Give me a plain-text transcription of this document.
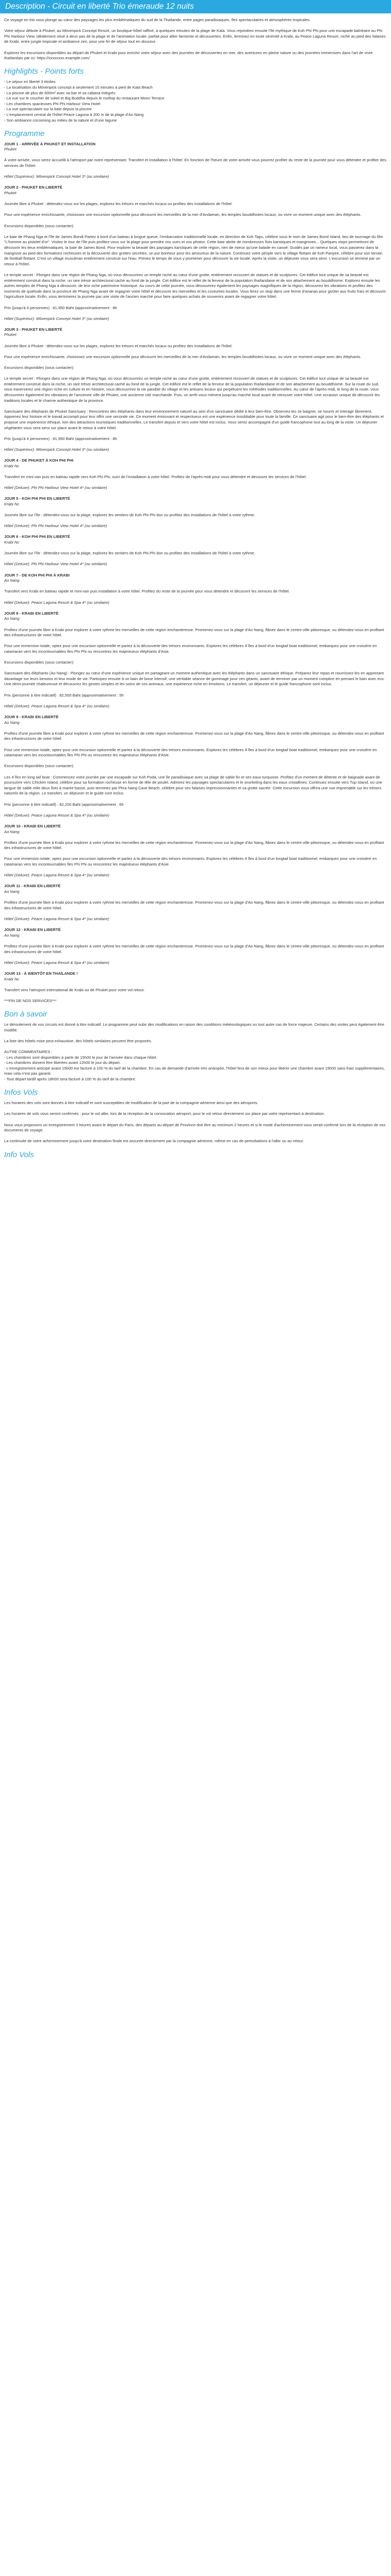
Description - Circuit en liberté Trio émeraude 12 nuits

Ce voyage en trio vous plonge au cœur des paysages les plus emblématiques du sud de la Thaïlande, entre pages paradisiaques, îles spectaculaires et atmosphères tropicales.

Votre séjour débute à Phuket, au Mövenpick Concept Resort, un boutique-hôtel raffiné, à quelques minutes de la plage de Kata. Vous rejoindrez ensuite l'île mythique de Koh Phi Phi pour une escapade balnéaire au Phi Phi Harbour View, idéalement situé à deux pas de la plage et de l'animation locale, parfait pour allier farniente et découvertes. Enfin, terminez en toute sérénité à Krabi, au Peace Laguna Resort, niché au pied des falaises de Krabi, entre jungle tropicale et ambiance zen, pour une fin de séjour tout en douceur.

Explorez les excursions disponibles au départ de Phuket et Krabi pour enrichir votre séjour avec des journées de découvertes en mer, des aventures en pleine nature ou des journées immersives dans l'art de vivre thaïlandais par ici: https://xxxxxxxx.example.com/

Highlights - Points forts
- Le séjour en liberté 3 étoiles
- La localisation du Mövenpick concept à seulement 10 minutes à pied de Kata Beach
- La piscine de plus de 600m² avec sa bar et sa cabana intégrés
- La vue sur le coucher de soleil et Big Buddha depuis le rooftop du restaurant Moon Terrace
- Les chambres spacieuses Phi Phi Harbour View Hotel
- La vue spectaculaire sur la baie depuis la piscine
- L'emplacement central de l'hôtel Peace Laguna à 200 m de la plage d'Ao Nang
- Son ambiance cocooning au milieu de la nature et d'une lagune
Programme
JOUR 1 - ARRIVÉE À PHUKET ET INSTALLATION
Phuket

À votre arrivée, vous serez accueilli à l'aéroport par notre représentant. Transfert et installation à l'hôtel. En fonction de l'heure de votre arrivée vous pourrez profiter du reste de la journée pour vous détendre et profiter des services de l'hôtel.

Hôtel (Supérieur): Mövenpick Concept Hotel 3* (ou similaire)
JOUR 2 - PHUKET EN LIBERTÉ
Phuket

Journée libre à Phuket : détendez-vous sur les plages, explorez les trésors et marchés locaux ou profitez des installations de l'hôtel.

Pour une expérience enrichissante, choisissez une excursion optionnelle pour découvrir les merveilles de la mer d'Andaman, les temples bouddhistes locaux, ou vivre un moment unique avec des éléphants.

Excursions disponibles (sous contacter):

Le baie de Phang Nga et l'île de James Bondi Partez à bord d'un bateau à longue queue, l'embarcation traditionnelle locale, en direction de Koh Tapu, célèbre sous le nom de James Bond Island, lieu de tournage du film "L'homme au pistolet d'or". Visitez le tour de l'île puis profitez-vous sur la plage pour prendre vos vues et vos photos. Cette baie abrite de nombreuses îlots karstiques et mangroves... Quelques stops permettront de découvrir les lieux emblématiques, la baie de James Bond. Pour explorer la beauté des paysages karstiques de cette région, rien de mieux qu'une balade en canoë. Guidés par un rameur local, vous passerez dans la mangrove au pied des formations rocheuses et la découverte des grottes secrètes, un pur bonheur pour les amoureux de la nature. Continuez votre périple vers le village flottant de Koh Panyee, célèbre pour son terrain de football flottant. C'est un village musulman entièrement construit sur l'eau. Prenez le temps de vous y promener pour découvrir la vie locale. Après la visite, un déjeuner vous sera servi. L'excursion se termine par un retour à l'hôtel.

Le temple secret : Plongez dans une région de Phang Nga, où vous découvrirez un temple niché au cœur d'une grotte, entièrement recouvert de statues et de sculptures. Cet édifice tout unique de sa beauté est entièrement construit dans la roche, un rare trésor architectural caché au fond de la jungle. Cet édifice est le reflet de la ferveur de la population thaïlandaise et de son attachement au bouddhisme. Explorez ensuite les autres temples de Phang Nga à découvrir, de leur riche patrimoine historique. Au cours de cette journée, vous découvrirez également les paysages magnifiques de la région, découvrez les vibrations et profitez des moments de quiétude dans la province de Phang Nga avant de regagner votre hôtel et découvrir les merveilles et les coutumes locales. Vous ferez un stop dans une ferme d'ananas pour goûter aux fruits frais et découvrir l'agriculture locale. Enfin, vous terminerez la journée par une visite de l'ancien marché pour faire quelques achats de souvenirs avant de regagner votre hôtel.

Prix (jusqu'à 4 personnes) : 81,950 Baht (approximativement : 8h

Hôtel (Supérieur): Mövenpick Concept Hotel 3* (ou similaire)
JOUR 3 - PHUKET EN LIBERTÉ
Phuket

Journée libre à Phuket : détendez-vous sur les plages, explorez les trésors et marchés locaux ou profitez des installations de l'hôtel.

Pour une expérience enrichissante, choisissez une excursion optionnelle pour découvrir les merveilles de la mer d'Andaman, les temples bouddhistes locaux, ou vivre un moment unique avec des éléphants.

Excursions disponibles (sous contacter):

Le temple secret : Plongez dans une région de Phang Nga, où vous découvrirez un temple niché au cœur d'une grotte, entièrement recouvert de statues et de sculptures. Cet édifice tout unique de sa beauté est entièrement construit dans la roche, un rare trésor architectural caché au fond de la jungle. Cet édifice est le reflet de la ferveur de la population thaïlandaise et de son attachement au bouddhisme. Sur la route du sud, vous traverserez une région riche en culture et en histoire, vous découvrirez la vie paisible du village et les artisans locaux qui perpétuent les méthodes traditionnelles. Au cœur de l'après-midi, le long de la route, vous découvrirez également les vibrations de l'ancienne ville de Phuket, une ancienne cité marchande. Puis, un arrêt vous mènera jusqu'au marché local avant de retrouver votre hôtel. Une occasion unique de découvrir les traditions locales et le charme authentique de la province.

Sanctuaire des éléphants de Phuket Sanctuary : Rencontrez des éléphants dans leur environnement naturel au sein d'un sanctuaire dédié à leur bien-être. Observez-les se baigner, se nourrir et interagir librement. Apprenez leur histoire et le travail accompli pour leur offrir une seconde vie. Ce moment émouvant et respectueux est une expérience inoubliable pour toute la famille. Ce sanctuaire agit pour le bien-être des éléphants et propose une expérience éthique, loin des attractions touristiques traditionnelles. Le transfert depuis et vers votre hôtel est inclus. Vous serez accompagné d'un guide francophone tout au long de la visite. Un déjeuner végétarien vous sera servi sur place avant le retour à votre hôtel.

Prix (jusqu'à 4 personnes) : 81,950 Baht (approximativement : 8h

Hôtel (Supérieur): Mövenpick Concept Hotel 3* (ou similaire)
JOUR 4 - DE PHUKET À KOH PHI PHI
Krabi Nc

Transfert en mini-van puis en bateau rapide vers Koh Phi Phi, suivi de l'installation à votre hôtel. Profitez de l'après-midi pour vous détendre et découvrir les services de l'hôtel.

Hôtel (Deluxe): Phi Phi Harbour View Hotel 4* (ou similaire)
JOUR 5 - KOH PHI PHI EN LIBERTÉ
Krabi Nc

Journée libre sur l'île : détendez-vous sur la plage, explorez les sentiers de Koh Phi Phi don ou profitez des installations de l'hôtel à votre rythme.

Hôtel (Deluxe): Phi Phi Harbour View Hotel 4* (ou similaire)
JOUR 6 - KOH PHI PHI EN LIBERTÉ
Krabi Nc

Journée libre sur l'île : détendez-vous sur la plage, explorez les sentiers de Koh Phi Phi don ou profitez des installations de l'hôtel à votre rythme.

Hôtel (Deluxe): Phi Phi Harbour View Hotel 4* (ou similaire)
JOUR 7 - DE KOH PHI PHI À KRABI
Ao Nang

Transfert vers Krabi en bateau rapide et mini-van puis installation à votre hôtel. Profitez du reste de la journée pour vous détendre et découvrir les services de l'hôtel.

Hôtel (Deluxe): Peace Laguna Resort & Spa 4* (ou similaire)
JOUR 8 - KRABI EN LIBERTÉ
Ao Nang

Profitez d'une journée libre à Krabi pour explorer à votre rythme les merveilles de cette région enchanteresse. Promenez-vous sur la plage d'Ao Nang, flânez dans le centre-ville pittoresque, ou détendez-vous en profitant des infrastructures de votre hôtel.

Pour une immersion totale, optez pour une excursion optionnelle et partez à la découverte des trésors environnants. Explorez les célèbres 4 îles à bord d'un longtail boat traditionnel, embarquez pour une croisière en catamaran vers les incontournables îles Phi Phi ou rencontrez les majestueux éléphants d'Asie.

Excursions disponibles (sous contacter):

Sanctuaire des éléphants (Ao Nang) : Plongez au cœur d'une expérience unique en partageant un moment authentique avec les éléphants dans un sanctuaire éthique. Préparez leur repas et nourrissez-les en apprenant davantage sur leurs besoins et leur mode de vie. Participez ensuite à un bain de boue intensif, une véritable séance de gommage pour ces géants, avant de terminer par un moment complice en prenant le bain avec eux. Une demi-journée chaleureuse et découvrez les gestes simples et les soins de ces animaux, une expérience riche en émotions. Le transfert, un déjeuner et le guide francophone sont inclus.

Prix (personne à titre indicatif) : 82,500 Baht (approximativement : 5h

Hôtel (Deluxe): Peace Laguna Resort & Spa 4* (ou similaire)
JOUR 9 - KRABI EN LIBERTÉ
Ao Nang

Profitez d'une journée libre à Krabi pour explorer à votre rythme les merveilles de cette région enchanteresse. Promenez-vous sur la plage d'Ao Nang, flânez dans le centre-ville pittoresque, ou détendez-vous en profitant des infrastructures de votre hôtel.

Pour une immersion totale, optez pour une excursion optionnelle et partez à la découverte des trésors environnants. Explorez les célèbres 4 îles à bord d'un longtail boat traditionnel, embarquez pour une croisière en catamaran vers les incontournables îles Phi Phi ou rencontrez les majestueux éléphants d'Asie.

Excursions disponibles (sous contacter):

Les 4 îles en long tail boat : Commencez votre journée par une escapade sur Koh Poda, une île paradisiaque avec sa plage de sable fin et ses eaux turquoise. Profitez d'un moment de détente et de baignade avant de poursuivre vers Chicken Island, célèbre pour sa formation rocheuse en forme de tête de poulet. Admirez les paysages spectaculaires et le snorkeling dans les eaux cristallines. Continuez ensuite vers Tup Island, où une langue de sable relie deux îlots à marée basse, puis terminez par Phra Nang Cave Beach, célèbre pour ses falaises impressionnantes et sa grotte sacrée. Cette excursion vous offrira une vue imprenable sur les trésors naturels de la région. Le transfert, un déjeuner et le guide sont inclus.

Prix (personne à titre indicatif) : 82,200 Baht (approximativement : 6h

Hôtel (Deluxe): Peace Laguna Resort & Spa 4* (ou similaire)
JOUR 10 - KRABI EN LIBERTÉ
Ao Nang

Profitez d'une journée libre à Krabi pour explorer à votre rythme les merveilles de cette région enchanteresse. Promenez-vous sur la plage d'Ao Nang, flânez dans le centre-ville pittoresque, ou détendez-vous en profitant des infrastructures de votre hôtel.

Pour une immersion totale, optez pour une excursion optionnelle et partez à la découverte des trésors environnants. Explorez les célèbres 4 îles à bord d'un longtail boat traditionnel, embarquez pour une croisière en catamaran vers les incontournables îles Phi Phi ou rencontrez les majestueux éléphants d'Asie.

Hôtel (Deluxe): Peace Laguna Resort & Spa 4* (ou similaire)
JOUR 11 - KRABI EN LIBERTÉ
Ao Nang

Profitez d'une journée libre à Krabi pour explorer à votre rythme les merveilles de cette région enchanteresse. Promenez-vous sur la plage d'Ao Nang, flânez dans le centre-ville pittoresque, ou détendez-vous en profitant des infrastructures de votre hôtel.

Hôtel (Deluxe): Peace Laguna Resort & Spa 4* (ou similaire)
JOUR 12 - KRABI EN LIBERTÉ
Ao Nang

Profitez d'une journée libre à Krabi pour explorer à votre rythme les merveilles de cette région enchanteresse. Promenez-vous sur la plage d'Ao Nang, flânez dans le centre-ville pittoresque, ou détendez-vous en profitant des infrastructures de votre hôtel.

Hôtel (Deluxe): Peace Laguna Resort & Spa 4* (ou similaire)
JOUR 13 - À BIENTÔT EN THAÏLANDE !
Krabi Nc

Transfert vers l'aéroport international de Krabi ou de Phuket pour votre vol retour.

***FIN DE NOS SERVICES***

Bon à savoir

Le déroulement de vos circuits est donné à titre indicatif. Le programme peut subir des modifications en raison des conditions météorologiques ou tout autre cas de force majeure. Certains des visites peut également être modifié.

La liste des hôtels mise peut exhaustive, des hôtels similaires peuvent être proposés.

AUTRE COMMENTAIRES :
- Les chambres sont disponibles à partir de 15h00 le jour de l'arrivée dans chaque hôtel.
- Les chambres doivent être libérées avant 12h00 le jour du départ.
- L'enregistrement anticipé avant 15h00 est facturé à 100 % du tarif de la chambre. En cas de demande d'arrivée très anticipée, l'hôtel fera de son mieux pour libérer une chambre avant 15h00 sans frais supplémentaires, mais cela n'est pas garanti.

- Tout départ tardif après 18h00 sera facturé à 100 % du tarif de la chambre.

Infos Vols

Les horaires des vols sont donnés à titre indicatif et sont susceptibles de modification de la part de la compagnie aérienne ainsi que des aéroports.

Les horaires de vols vous seront confirmés : pour le vol aller, lors de la réception de la convocation aéroport, pour le vol retour directement sur place par votre représentant à destination.

Nous vous proposons un enregistrement 3 heures avant le départ du Paris, des départs au départ de Province doit être au minimum 2 heures et si le mode d'acheminement vous serait confirmé lors de la réception de vos documents de voyage.

La continuité de votre acheminement jusqu'à votre destination finale est assurée directement par la compagnie aérienne, même en cas de perturbations à l'aller ou au retour.

Info Vols
